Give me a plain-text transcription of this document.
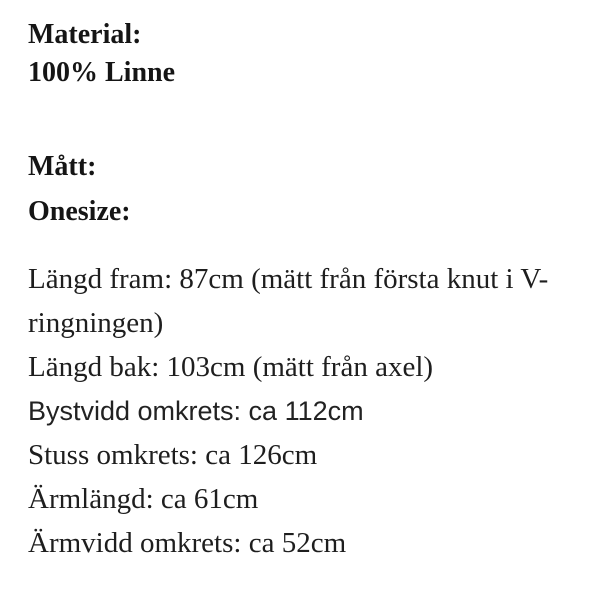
Material:
100% Linne
Mått:
Onesize:
Längd fram: 87cm (mätt från första knut i V-ringningen)
Längd bak: 103cm (mätt från axel)
Bystvidd omkrets: ca 112cm
Stuss omkrets: ca 126cm
Ärmlängd: ca 61cm
Ärmvidd omkrets: ca 52cm
